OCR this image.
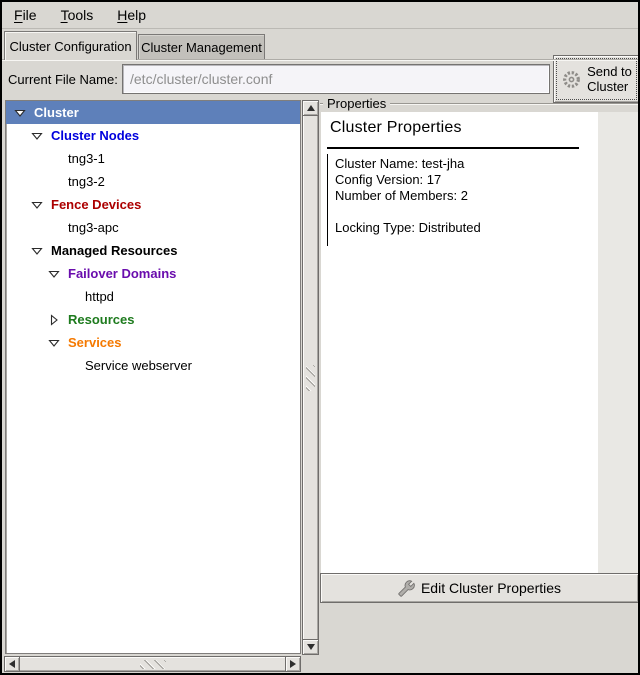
File Tools Help
Cluster Configuration Cluster Management
Current File Name: /etc/cluster/cluster.conf	Send to
Cluster
Cluster
Cluster Nodes
tng3-1
tng3-2
Fence Devices
tng3-apc
Managed Resources
Failover Domains
httpd
Resources
Services
Service webserver
Properties
Cluster Properties
Cluster Name: test-jha
Config Version: 17
Number of Members: 2

Locking Type: Distributed
Edit Cluster Properties
